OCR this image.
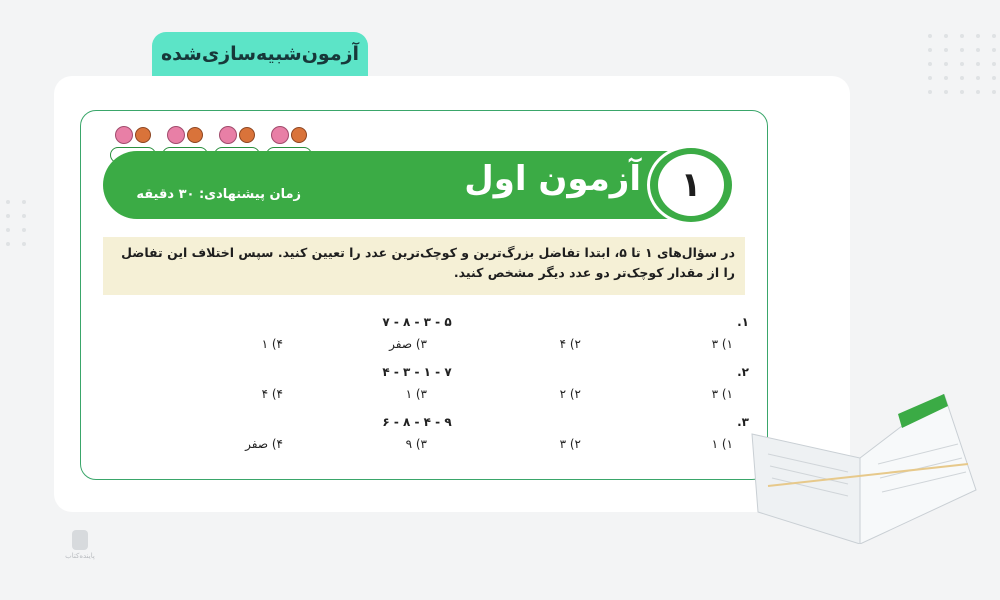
آزمون‌شبیه‌سازی‌شده
آزمون اول
زمان پیشنهادی: ۳۰ دقیقه	۱
در سؤال‌های ۱ تا ۵، ابتدا تفاضل بزرگ‌ترین و کوچک‌ترین عدد را تعیین کنید. سپس اختلاف این تفاضل را از مقدار کوچک‌تر دو عدد دیگر مشخص کنید.
۱.
۷ - ۸ - ۳ - ۵
۱) ۳
۲) ۴
۳) صفر
۴) ۱
۲.
۴ - ۳ - ۱ - ۷
۱) ۳
۲) ۲
۳) ۱
۴) ۴
۳.
۶ - ۸ - ۴ - ۹
۱) ۱
۲) ۳
۳) ۹
۴) صفر
پاینده‌کتاب
